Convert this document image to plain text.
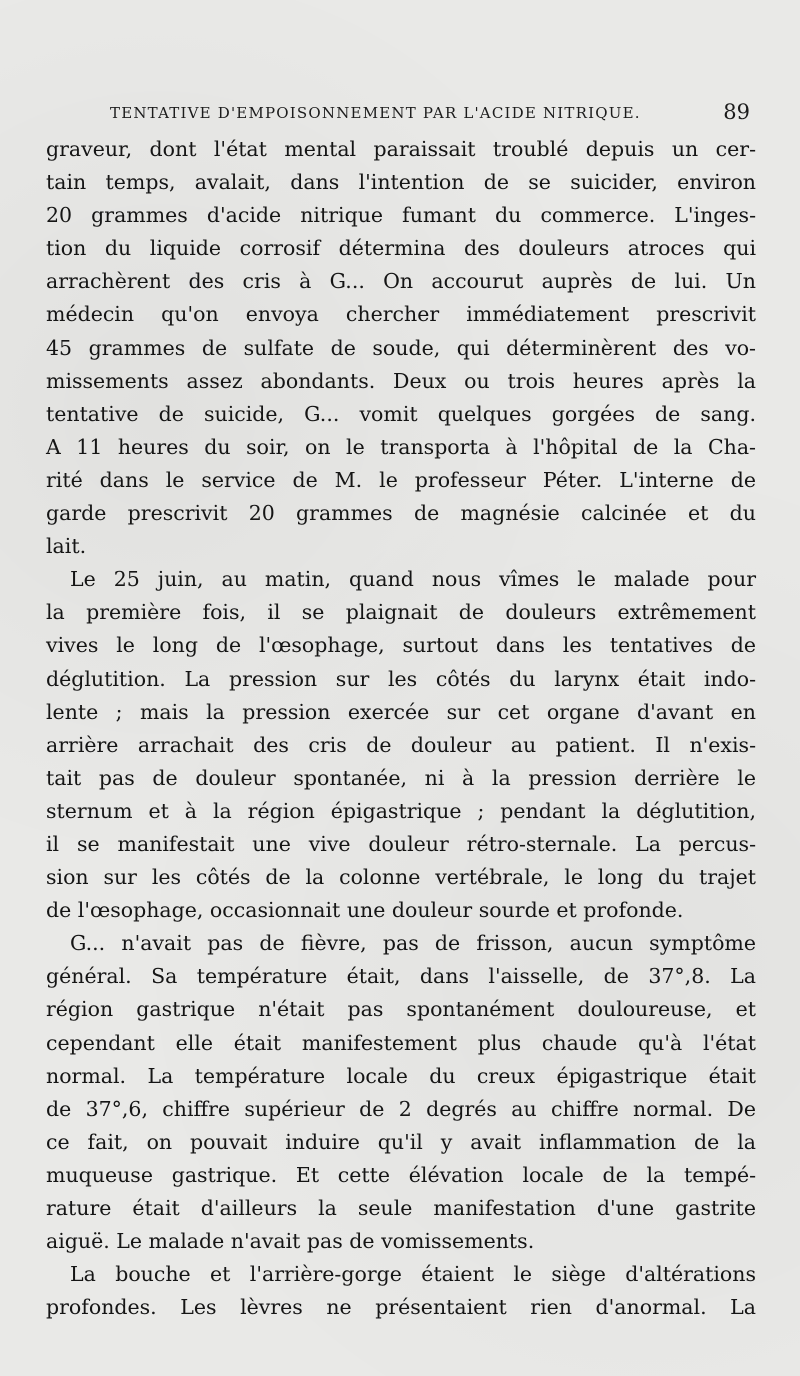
TENTATIVE D'EMPOISONNEMENT PAR L'ACIDE NITRIQUE.	89
graveur, dont l'état mental paraissait troublé depuis un cer-
tain temps, avalait, dans l'intention de se suicider, environ
20 grammes d'acide nitrique fumant du commerce. L'inges-
tion du liquide corrosif détermina des douleurs atroces qui
arrachèrent des cris à G... On accourut auprès de lui. Un
médecin qu'on envoya chercher immédiatement prescrivit
45 grammes de sulfate de soude, qui déterminèrent des vo-
missements assez abondants. Deux ou trois heures après la
tentative de suicide, G... vomit quelques gorgées de sang.
A 11 heures du soir, on le transporta à l'hôpital de la Cha-
rité dans le service de M. le professeur Péter. L'interne de
garde prescrivit 20 grammes de magnésie calcinée et du
lait.
Le 25 juin, au matin, quand nous vîmes le malade pour
la première fois, il se plaignait de douleurs extrêmement
vives le long de l'œsophage, surtout dans les tentatives de
déglutition. La pression sur les côtés du larynx était indo-
lente ; mais la pression exercée sur cet organe d'avant en
arrière arrachait des cris de douleur au patient. Il n'exis-
tait pas de douleur spontanée, ni à la pression derrière le
sternum et à la région épigastrique ; pendant la déglutition,
il se manifestait une vive douleur rétro-sternale. La percus-
sion sur les côtés de la colonne vertébrale, le long du trajet
de l'œsophage, occasionnait une douleur sourde et profonde.
G... n'avait pas de fièvre, pas de frisson, aucun symptôme
général. Sa température était, dans l'aisselle, de 37°,8. La
région gastrique n'était pas spontanément douloureuse, et
cependant elle était manifestement plus chaude qu'à l'état
normal. La température locale du creux épigastrique était
de 37°,6, chiffre supérieur de 2 degrés au chiffre normal. De
ce fait, on pouvait induire qu'il y avait inflammation de la
muqueuse gastrique. Et cette élévation locale de la tempé-
rature était d'ailleurs la seule manifestation d'une gastrite
aiguë. Le malade n'avait pas de vomissements.
La bouche et l'arrière-gorge étaient le siège d'altérations
profondes. Les lèvres ne présentaient rien d'anormal. La
